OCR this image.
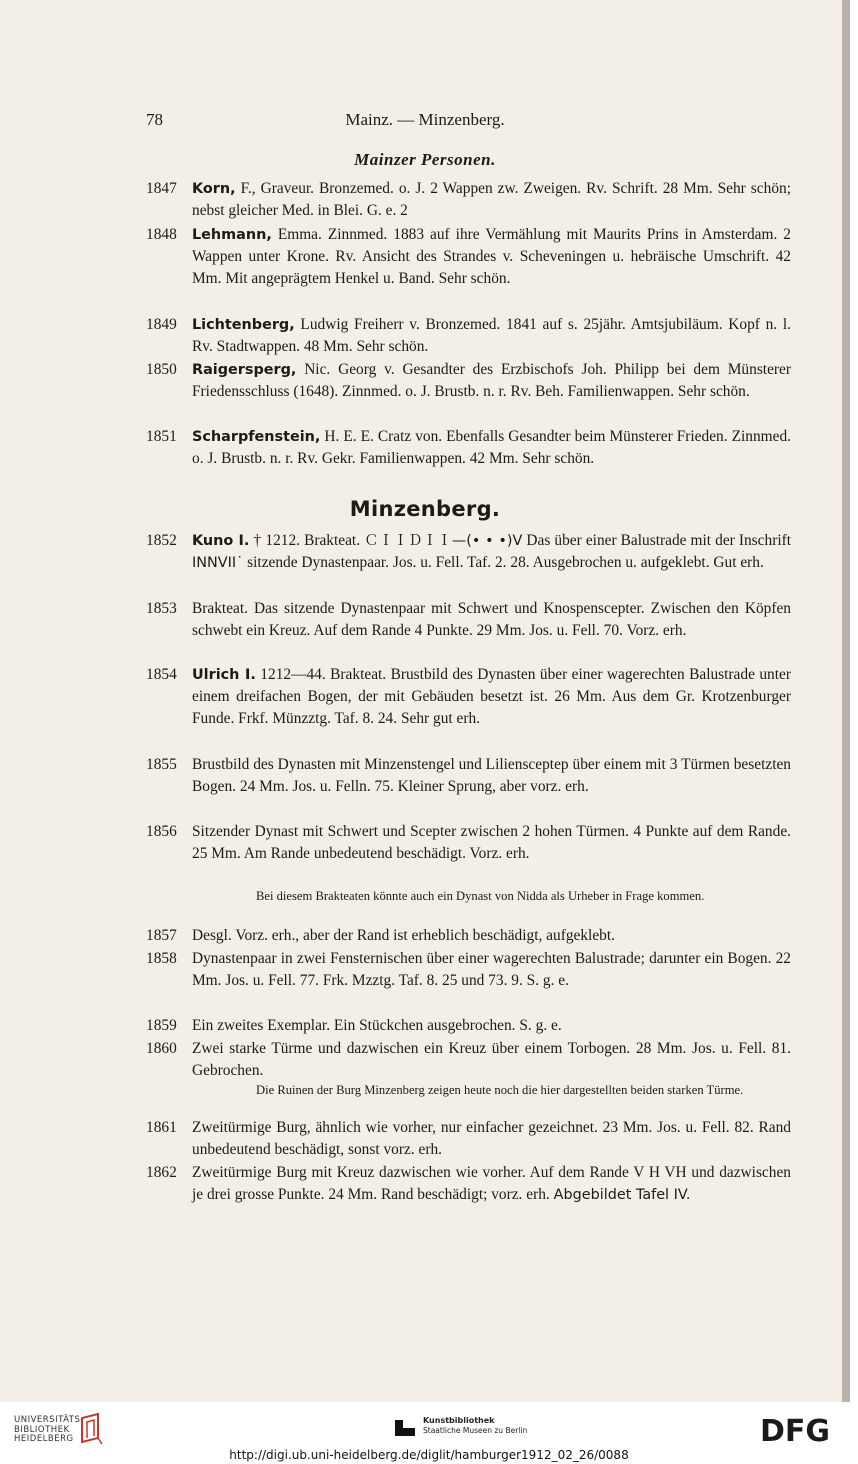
78	Mainz. — Minzenberg.
Mainzer Personen.
1847	Korn, F., Graveur. Bronzemed. o. J. 2 Wappen zw. Zweigen. Rv. Schrift. 28 Mm. Sehr schön; nebst gleicher Med. in Blei. G. e. 2
1848	Lehmann, Emma. Zinnmed. 1883 auf ihre Vermählung mit Maurits Prins in Amsterdam. 2 Wappen unter Krone. Rv. Ansicht des Strandes v. Scheveningen u. hebräische Umschrift. 42 Mm. Mit angeprägtem Henkel u. Band. Sehr schön.
1849	Lichtenberg, Ludwig Freiherr v. Bronzemed. 1841 auf s. 25jähr. Amtsjubiläum. Kopf n. l. Rv. Stadtwappen. 48 Mm. Sehr schön.
1850	Raigersperg, Nic. Georg v. Gesandter des Erzbischofs Joh. Philipp bei dem Münsterer Friedensschluss (1648). Zinnmed. o. J. Brustb. n. r. Rv. Beh. Familienwappen. Sehr schön.
1851	Scharpfenstein, H. E. E. Cratz von. Ebenfalls Gesandter beim Münsterer Frieden. Zinnmed. o. J. Brustb. n. r. Rv. Gekr. Familienwappen. 42 Mm. Sehr schön.
Minzenberg.
1852	Kuno I. † 1212. Brakteat. ＣＩＩＤＩＩ—(• • •)V Das über einer Balustrade mit der Inschrift INNVII˙ sitzende Dynastenpaar. Jos. u. Fell. Taf. 2. 28. Ausgebrochen u. aufgeklebt. Gut erh.
1853 Brakteat. Das sitzende Dynastenpaar mit Schwert und Knospenscepter. Zwischen den Köpfen schwebt ein Kreuz. Auf dem Rande 4 Punkte. 29 Mm. Jos. u. Fell. 70. Vorz. erh.
1854	Ulrich I. 1212—44. Brakteat. Brustbild des Dynasten über einer wagerechten Balustrade unter einem dreifachen Bogen, der mit Gebäuden besetzt ist. 26 Mm. Aus dem Gr. Krotzenburger Funde. Frkf. Münzztg. Taf. 8. 24. Sehr gut erh.
1855 Brustbild des Dynasten mit Minzenstengel und Liliensceptер über einem mit 3 Türmen besetzten Bogen. 24 Mm. Jos. u. Felln. 75. Kleiner Sprung, aber vorz. erh.
1856 Sitzender Dynast mit Schwert und Scepter zwischen 2 hohen Türmen. 4 Punkte auf dem Rande. 25 Mm. Am Rande unbedeutend beschädigt. Vorz. erh.
Bei diesem Brakteaten könnte auch ein Dynast von Nidda als Urheber in Frage kommen.
1857 Desgl. Vorz. erh., aber der Rand ist erheblich beschädigt, aufgeklebt.
1858 Dynastenpaar in zwei Fensternischen über einer wagerechten Balustrade; darunter ein Bogen. 22 Mm. Jos. u. Fell. 77. Frk. Mzztg. Taf. 8. 25 und 73. 9. S. g. e.
1859 Ein zweites Exemplar. Ein Stückchen ausgebrochen. S. g. e.
1860 Zwei starke Türme und dazwischen ein Kreuz über einem Torbogen. 28 Mm. Jos. u. Fell. 81. Gebrochen.
Die Ruinen der Burg Minzenberg zeigen heute noch die hier dargestellten beiden starken Türme.
1861 Zweitürmige Burg, ähnlich wie vorher, nur einfacher gezeichnet. 23 Mm. Jos. u. Fell. 82. Rand unbedeutend beschädigt, sonst vorz. erh.
1862 Zweitürmige Burg mit Kreuz dazwischen wie vorher. Auf dem Rande V H VH und dazwischen je drei grosse Punkte. 24 Mm. Rand beschädigt; vorz. erh. Abgebildet Tafel IV.
UNIVERSITÄTS-
BIBLIOTHEK
HEIDELBERG
Kunstbibliothek
Staatliche Museen zu Berlin	DFG
http://digi.ub.uni-heidelberg.de/diglit/hamburger1912_02_26/0088
